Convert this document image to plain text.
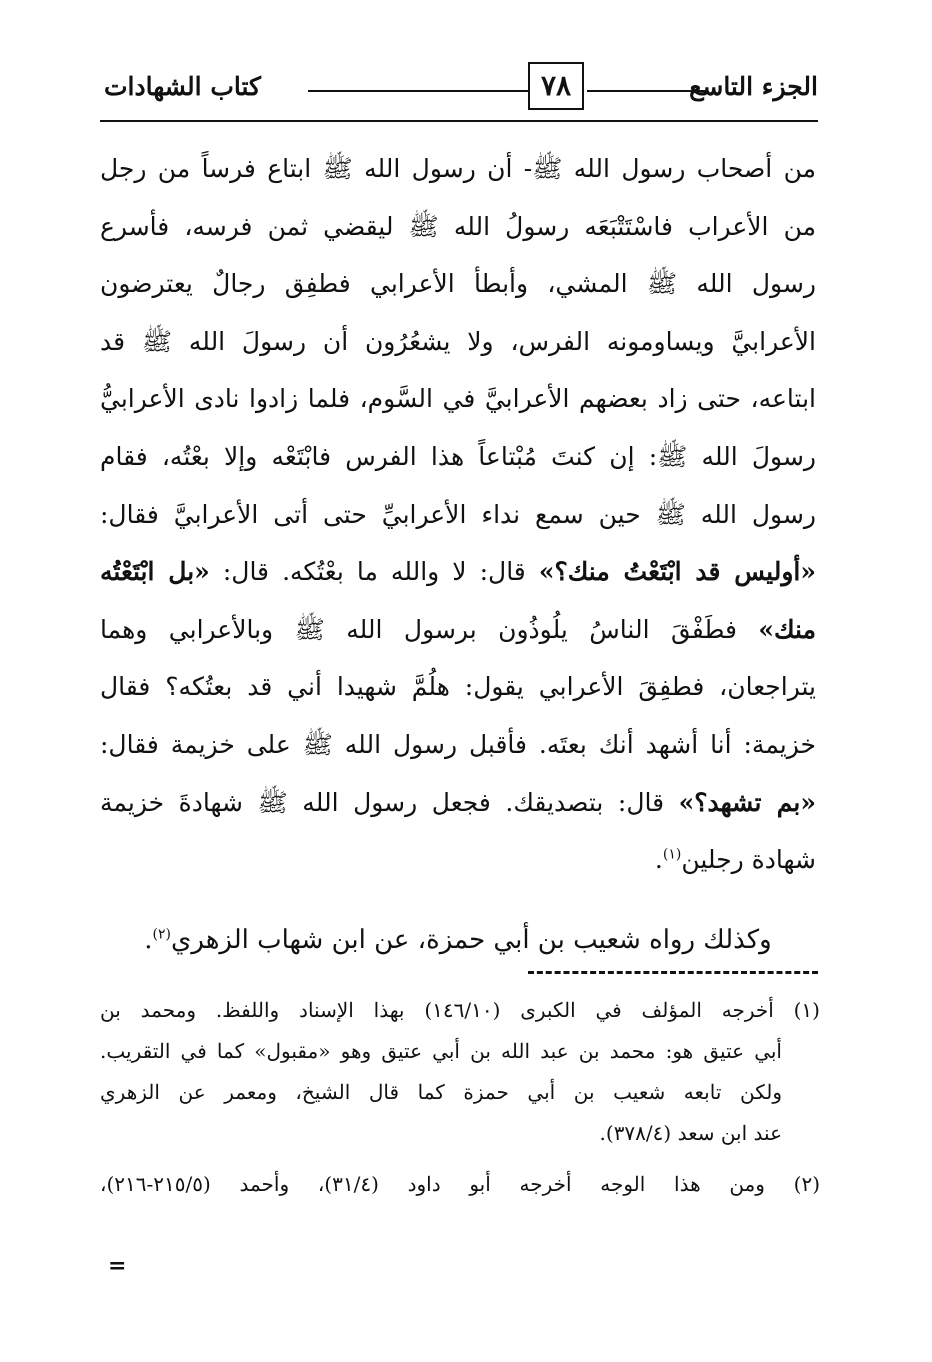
الجزء التاسع
٧٨
كتاب الشهادات
من أصحاب رسول الله ﷺ- أن رسول الله ﷺ ابتاع فرساً من رجل
من الأعراب فاسْتَتْبَعَه رسولُ الله ﷺ ليقضي ثمن فرسه، فأسرع
رسول الله ﷺ المشي، وأبطأ الأعرابي فطفِق رجالٌ يعترضون
الأعرابيَّ ويساومونه الفرس، ولا يشعُرُون أن رسولَ الله ﷺ قد
ابتاعه، حتى زاد بعضهم الأعرابيَّ في السَّوم، فلما زادوا نادى الأعرابيُّ
رسولَ الله ﷺ: إن كنتَ مُبْتاعاً هذا الفرس فابْتَعْه وإلا بعْتُه، فقام
رسول الله ﷺ حين سمع نداء الأعرابيِّ حتى أتى الأعرابيَّ فقال:
«أوليس قد ابْتَعْتُ منك؟» قال: لا والله ما بعْتُكه. قال: «بل ابْتَعْتُه
منك» فطَفْقَ الناسُ يلُوذُون برسول الله ﷺ وبالأعرابي وهما
يتراجعان، فطفِقَ الأعرابي يقول: هلُمَّ شهيدا أني قد بعتُكه؟ فقال
خزيمة: أنا أشهد أنك بعتَه. فأقبل رسول الله ﷺ على خزيمة فقال:
«بم تشهد؟» قال: بتصديقك. فجعل رسول الله ﷺ شهادةَ خزيمة
شهادة رجلين$^{(١)}$.
وكذلك رواه شعيب بن أبي حمزة، عن ابن شهاب الزهري$^{(٢)}$.
(١) أخرجه المؤلف في الكبرى (١٤٦/١٠) بهذا الإسناد واللفظ. ومحمد بن
أبي عتيق هو: محمد بن عبد الله بن أبي عتيق وهو «مقبول» كما في التقريب.
ولكن تابعه شعيب بن أبي حمزة كما قال الشيخ، ومعمر عن الزهري
عند ابن سعد (٣٧٨/٤).
(٢) ومن هذا الوجه أخرجه أبو داود (٣١/٤)، وأحمد (٢١٥/٥-٢١٦)،
=
